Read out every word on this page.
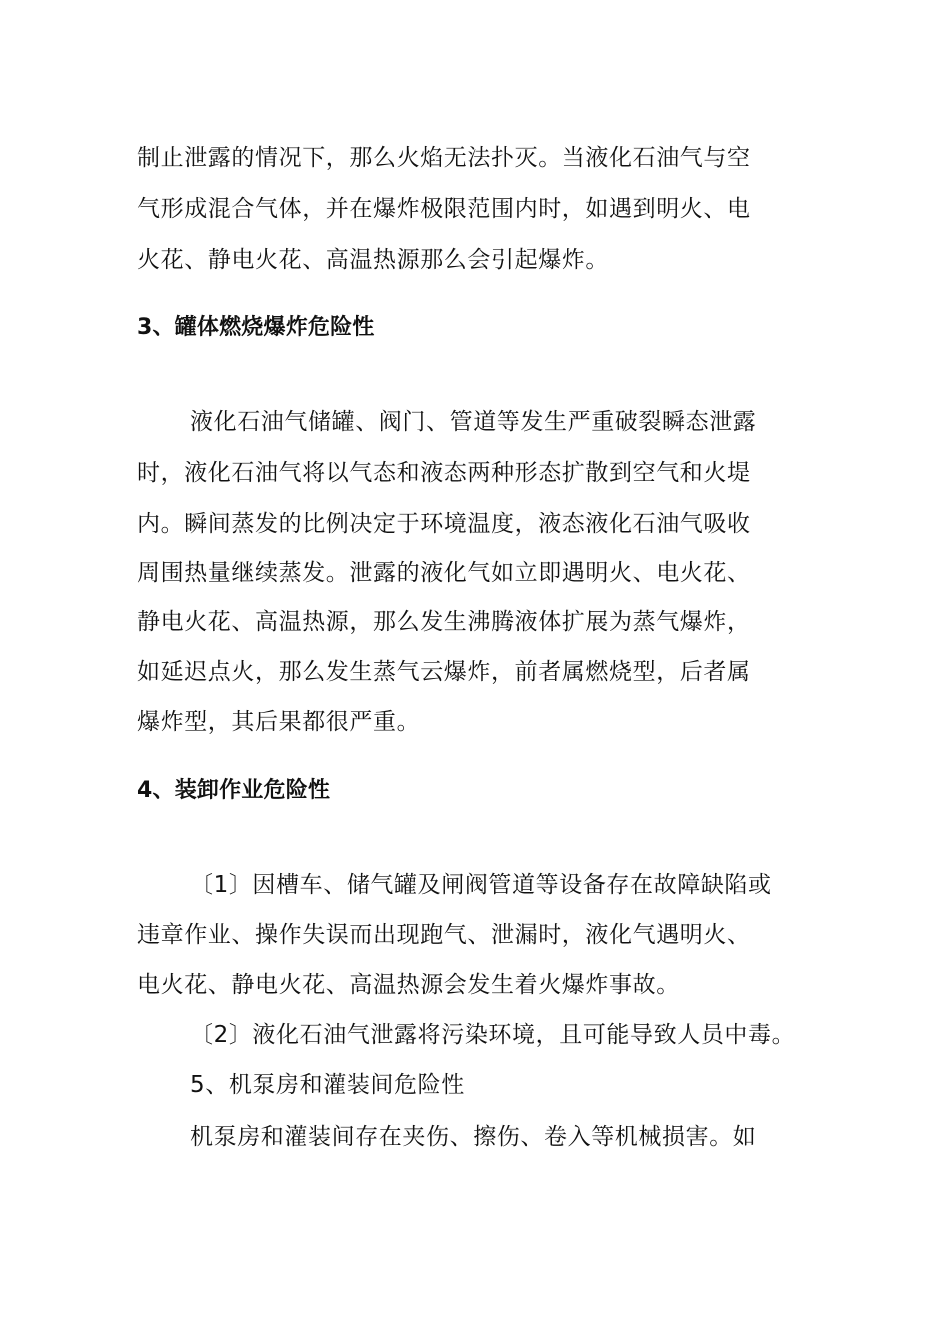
制止泄露的情况下，那么火焰无法扑灭。当液化石油气与空
气形成混合气体，并在爆炸极限范围内时，如遇到明火、电
火花、静电火花、高温热源那么会引起爆炸。
3、罐体燃烧爆炸危险性
液化石油气储罐、阀门、管道等发生严重破裂瞬态泄露
时，液化石油气将以气态和液态两种形态扩散到空气和火堤
内。瞬间蒸发的比例决定于环境温度，液态液化石油气吸收
周围热量继续蒸发。泄露的液化气如立即遇明火、电火花、
静电火花、高温热源，那么发生沸腾液体扩展为蒸气爆炸，
如延迟点火，那么发生蒸气云爆炸，前者属燃烧型，后者属
爆炸型，其后果都很严重。
4、装卸作业危险性
〔1〕因槽车、储气罐及闸阀管道等设备存在故障缺陷或
违章作业、操作失误而出现跑气、泄漏时，液化气遇明火、
电火花、静电火花、高温热源会发生着火爆炸事故。
〔2〕液化石油气泄露将污染环境，且可能导致人员中毒。
5、机泵房和灌装间危险性
机泵房和灌装间存在夹伤、擦伤、卷入等机械损害。如
